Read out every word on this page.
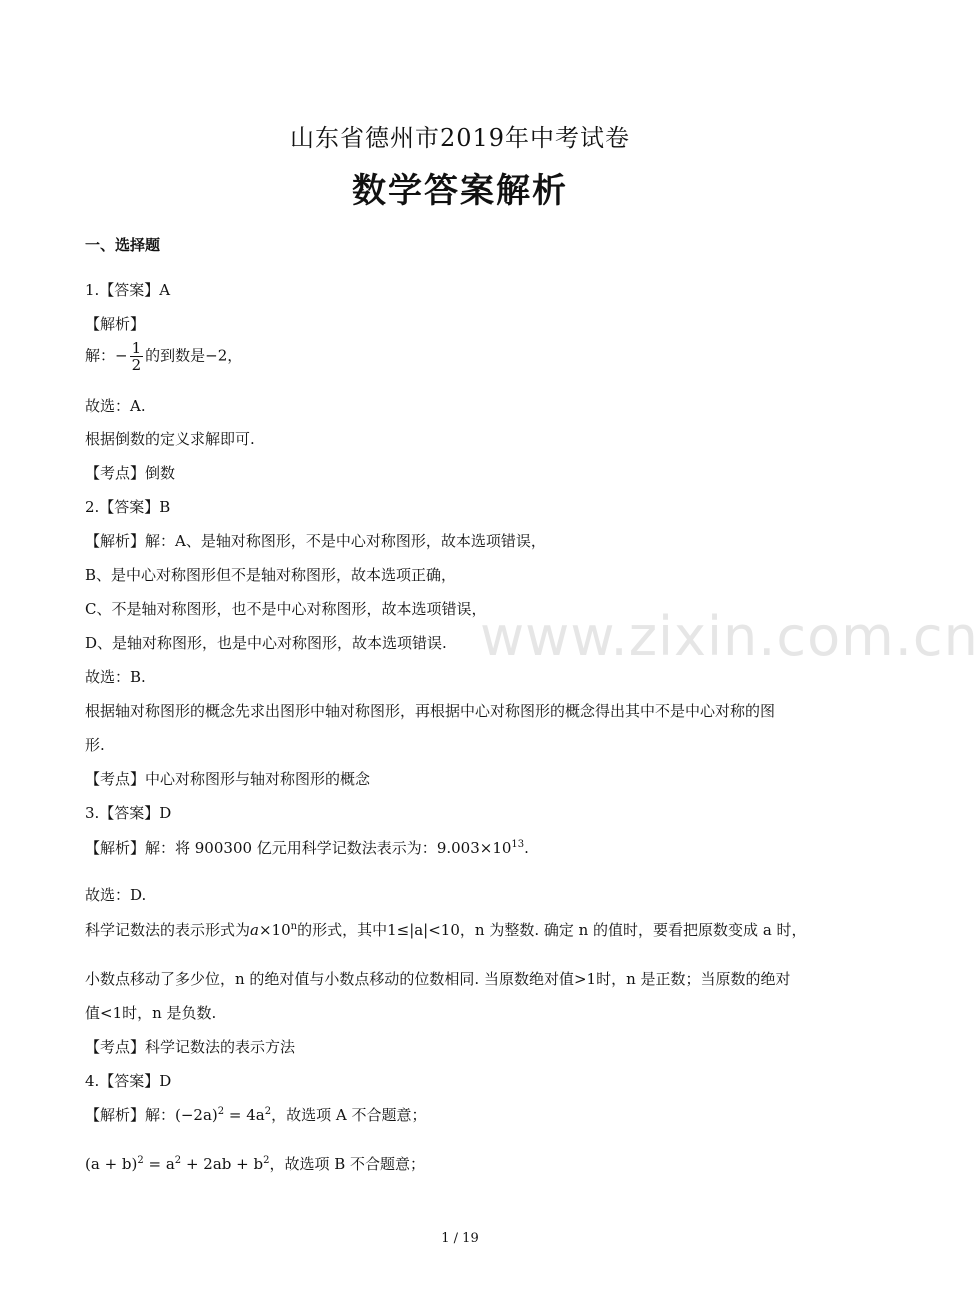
山东省德州市2019年中考试卷
数学答案解析
一、选择题
1.【答案】A
【解析】
解：− $\frac{1}{2}$ 的到数是−2，
故选：A.
根据倒数的定义求解即可.
【考点】倒数
2.【答案】B
【解析】解：A、是轴对称图形，不是中心对称图形，故本选项错误，
B、是中心对称图形但不是轴对称图形，故本选项正确，
C、不是轴对称图形，也不是中心对称图形，故本选项错误，
D、是轴对称图形，也是中心对称图形，故本选项错误.
故选：B.
根据轴对称图形的概念先求出图形中轴对称图形，再根据中心对称图形的概念得出其中不是中心对称的图
形.
【考点】中心对称图形与轴对称图形的概念
3.【答案】D
【解析】解：将 900300 亿元用科学记数法表示为：$9.003\times 10^{13}$.
故选：D.
科学记数法的表示形式为$a\times 10^n$的形式，其中1≤|a|<10，n 为整数. 确定 n 的值时，要看把原数变成 a 时，
小数点移动了多少位，n 的绝对值与小数点移动的位数相同. 当原数绝对值>1时，n 是正数；当原数的绝对
值<1时，n 是负数.
【考点】科学记数法的表示方法
4.【答案】D
【解析】解：$(-2a)^2 = 4a^2$，故选项 A 不合题意；
$(a + b)^2 = a^2 + 2ab + b^2$，故选项 B 不合题意；
www.zixin.com.cn
1 / 19
